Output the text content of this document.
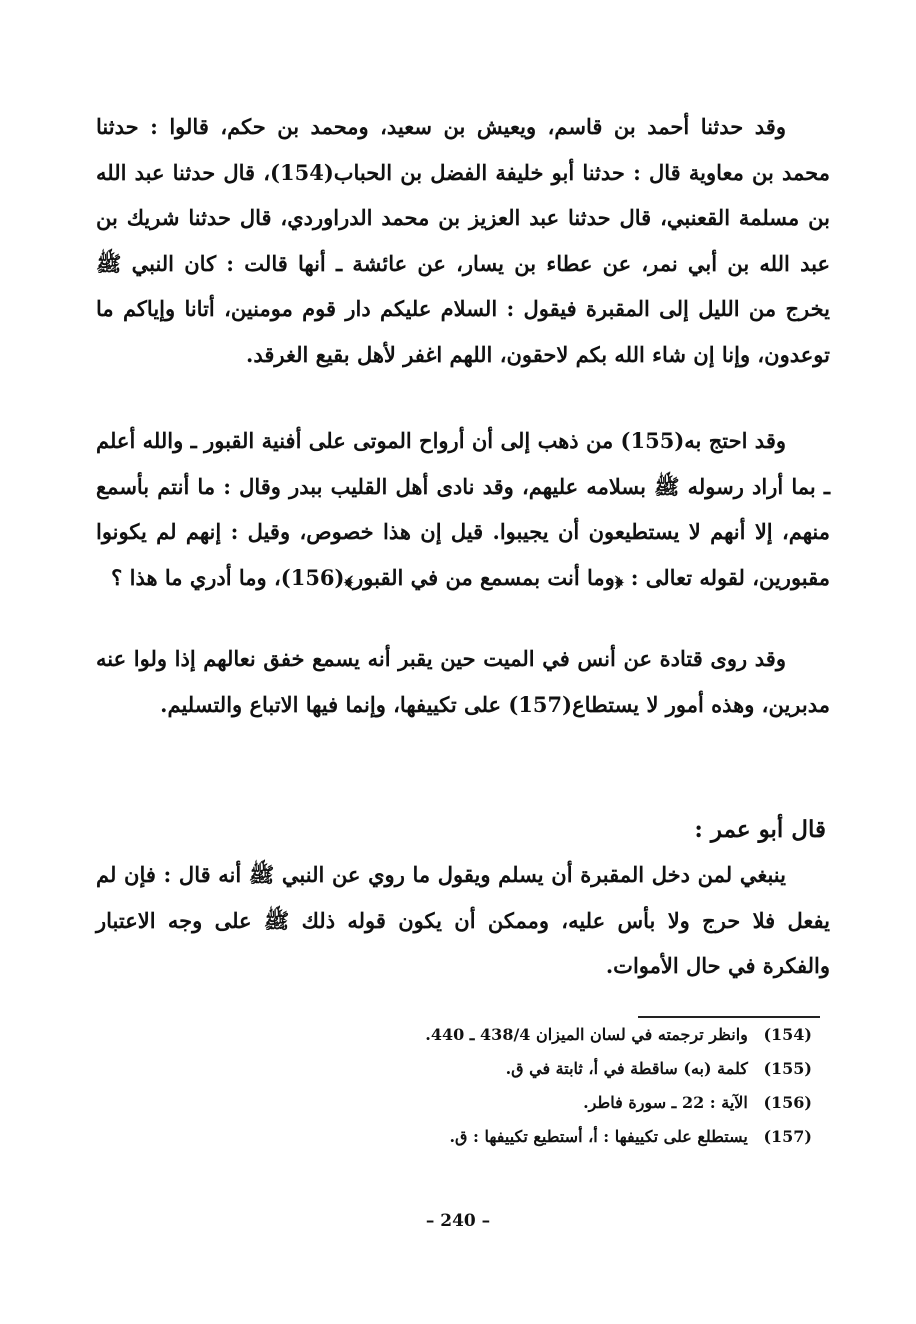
وقد حدثنا أحمد بن قاسم، ويعيش بن سعيد، ومحمد بن حكم، قالوا : حدثنا محمد بن معاوية قال : حدثنا أبو خليفة الفضل بن الحباب(154)، قال حدثنا عبد الله بن مسلمة القعنبي، قال حدثنا عبد العزيز بن محمد الدراوردي، قال حدثنا شريك بن عبد الله بن أبي نمر، عن عطاء بن يسار، عن عائشة ـ أنها قالت : كان النبي ﷺ يخرج من الليل إلى المقبرة فيقول : السلام عليكم دار قوم مومنين، أتانا وإياكم ما توعدون، وإنا إن شاء الله بكم لاحقون، اللهم اغفر لأهل بقيع الغرقد.

وقد احتج به(155) من ذهب إلى أن أرواح الموتى على أفنية القبور ـ والله أعلم ـ بما أراد رسوله ﷺ بسلامه عليهم، وقد نادى أهل القليب ببدر وقال : ما أنتم بأسمع منهم، إلا أنهم لا يستطيعون أن يجيبوا. قيل إن هذا خصوص، وقيل : إنهم لم يكونوا مقبورين، لقوله تعالى : ﴿وما أنت بمسمع من في القبور﴾(156)، وما أدري ما هذا ؟

وقد روى قتادة عن أنس في الميت حين يقبر أنه يسمع خفق نعالهم إذا ولوا عنه مدبرين، وهذه أمور لا يستطاع(157) على تكييفها، وإنما فيها الاتباع والتسليم.

قال أبو عمر :

ينبغي لمن دخل المقبرة أن يسلم ويقول ما روي عن النبي ﷺ أنه قال : فإن لم يفعل فلا حرج ولا بأس عليه، وممكن أن يكون قوله ذلك ﷺ على وجه الاعتبار والفكرة في حال الأموات.

(154) وانظر ترجمته في لسان الميزان 438/4 ـ 440.
(155) كلمة (به) ساقطة في أ، ثابتة في ق.
(156) الآية : 22 ـ سورة فاطر.
(157) يستطلع على تكييفها : أ، أستطيع تكييفها : ق.
– 240 –
